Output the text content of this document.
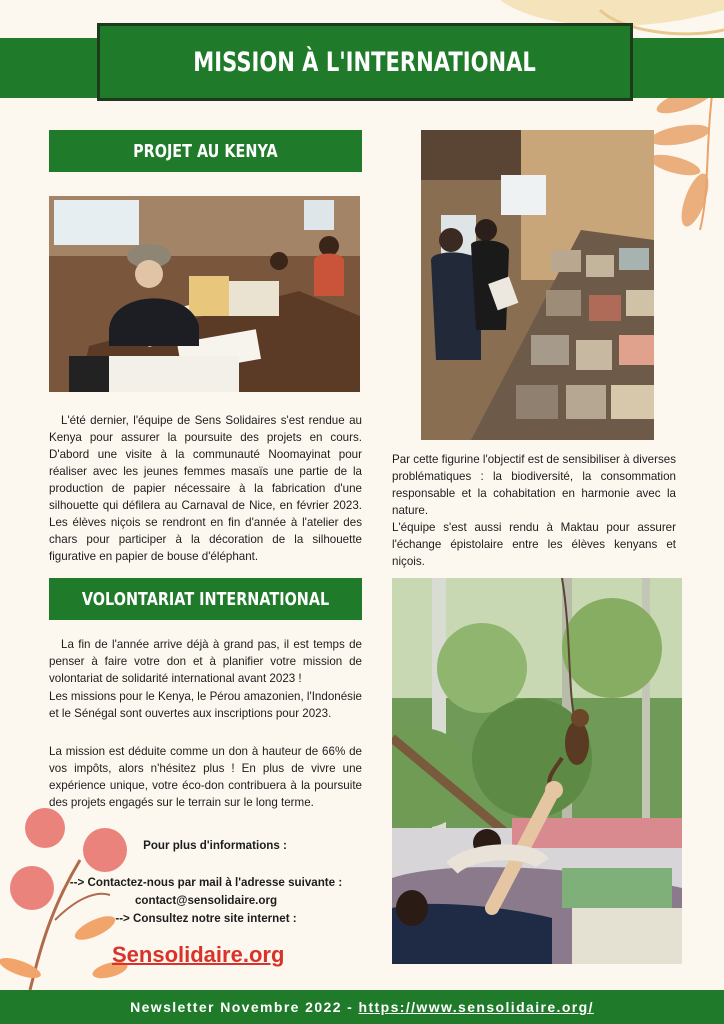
MISSION À L'INTERNATIONAL
PROJET AU KENYA

L'été dernier, l'équipe de Sens Solidaires s'est rendue au Kenya pour assurer la poursuite des projets en cours. D'abord une visite à la communauté Noomayinat pour réaliser avec les jeunes femmes masaïs une partie de la production de papier nécessaire à la fabrication d'une silhouette qui défilera au Carnaval de Nice, en février 2023. Les élèves niçois se rendront en fin d'année à l'atelier des chars pour participer à la décoration de la silhouette figurative en papier de bouse d'éléphant.

Par cette figurine l'objectif est de sensibiliser à diverses problématiques : la biodiversité, la consommation responsable et la cohabitation en harmonie avec la nature.

L'équipe s'est aussi rendu à Maktau pour assurer l'échange épistolaire entre les élèves kenyans et niçois.

VOLONTARIAT INTERNATIONAL

La fin de l'année arrive déjà à grand pas, il est temps de penser à faire votre don et à planifier votre mission de volontariat de solidarité international avant 2023 !

Les missions pour le Kenya, le Pérou amazonien, l'Indonésie et le Sénégal sont ouvertes aux inscriptions pour 2023.

La mission est déduite comme un don à hauteur de 66% de vos impôts, alors n'hésitez plus ! En plus de vivre une expérience unique, votre éco-don contribuera à la poursuite des projets engagés sur le terrain sur le long terme.

Pour plus d'informations :
--> Contactez-nous par mail à l'adresse suivante :
contact@sensolidaire.org
--> Consultez notre site internet :
Sensolidaire.org
Newsletter Novembre 2022 - https://www.sensolidaire.org/
